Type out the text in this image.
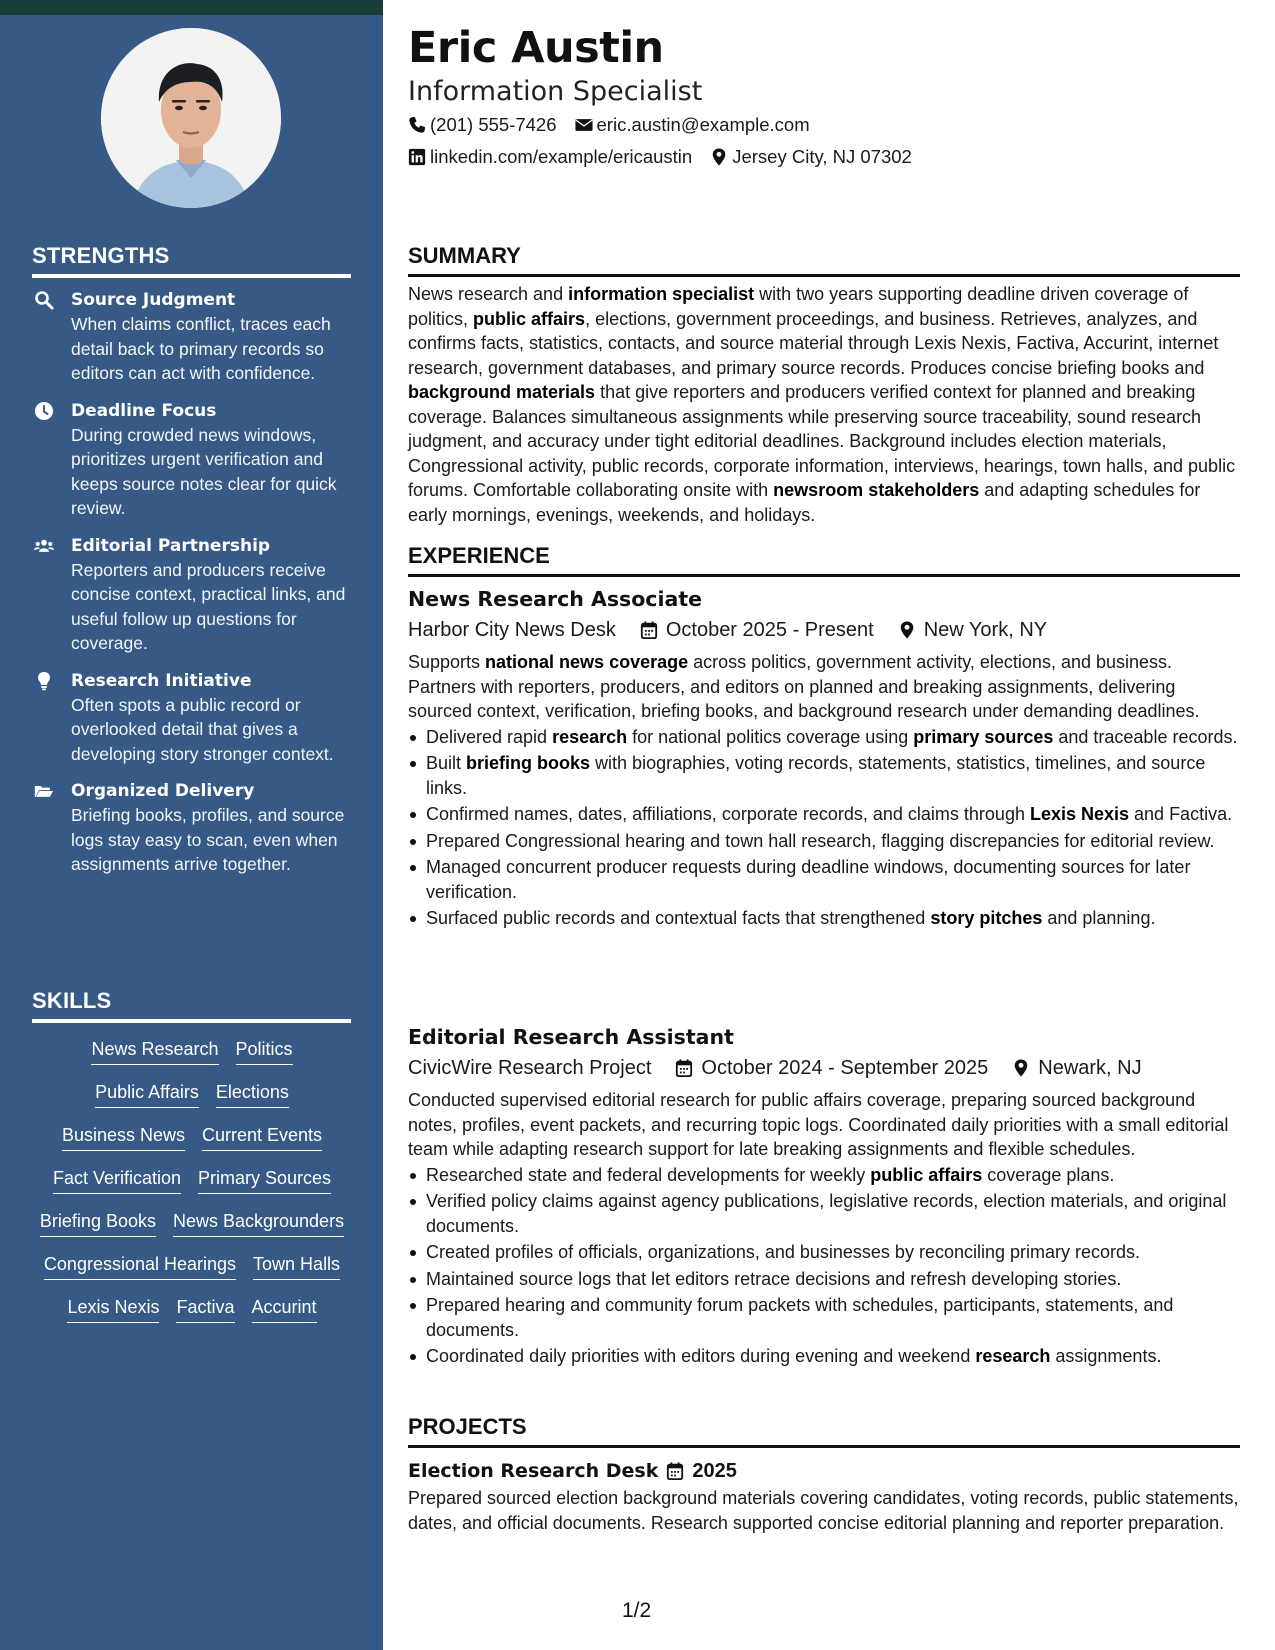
STRENGTHS
Source Judgment
When claims conflict, traces each detail back to primary records so editors can act with confidence.
Deadline Focus
During crowded news windows, prioritizes urgent verification and keeps source notes clear for quick review.
Editorial Partnership
Reporters and producers receive concise context, practical links, and useful follow up questions for coverage.
Research Initiative
Often spots a public record or overlooked detail that gives a developing story stronger context.
Organized Delivery
Briefing books, profiles, and source logs stay easy to scan, even when assignments arrive together.
SKILLS
News Research Politics
Public Affairs Elections
Business News Current Events
Fact Verification Primary Sources
Briefing Books News Backgrounders
Congressional Hearings Town Halls
Lexis Nexis Factiva Accurint
Eric Austin
Information Specialist
(201) 555-7426 eric.austin@example.com
linkedin.com/example/ericaustin Jersey City, NJ 07302
SUMMARY

News research and information specialist with two years supporting deadline driven coverage of politics, public affairs, elections, government proceedings, and business. Retrieves, analyzes, and confirms facts, statistics, contacts, and source material through Lexis Nexis, Factiva, Accurint, internet research, government databases, and primary source records. Produces concise briefing books and background materials that give reporters and producers verified context for planned and breaking coverage. Balances simultaneous assignments while preserving source traceability, sound research judgment, and accuracy under tight editorial deadlines. Background includes election materials, Congressional activity, public records, corporate information, interviews, hearings, town halls, and public forums. Comfortable collaborating onsite with newsroom stakeholders and adapting schedules for early mornings, evenings, weekends, and holidays.

EXPERIENCE
News Research Associate
Harbor City News Desk	October 2025 - Present	New York, NY

Supports national news coverage across politics, government activity, elections, and business. Partners with reporters, producers, and editors on planned and breaking assignments, delivering sourced context, verification, briefing books, and background research under demanding deadlines.

Delivered rapid research for national politics coverage using primary sources and traceable records.
Built briefing books with biographies, voting records, statements, statistics, timelines, and source links.
Confirmed names, dates, affiliations, corporate records, and claims through Lexis Nexis and Factiva.
Prepared Congressional hearing and town hall research, flagging discrepancies for editorial review.
Managed concurrent producer requests during deadline windows, documenting sources for later verification.
Surfaced public records and contextual facts that strengthened story pitches and planning.
Editorial Research Assistant
CivicWire Research Project	October 2024 - September 2025	Newark, NJ

Conducted supervised editorial research for public affairs coverage, preparing sourced background notes, profiles, event packets, and recurring topic logs. Coordinated daily priorities with a small editorial team while adapting research support for late breaking assignments and flexible schedules.

Researched state and federal developments for weekly public affairs coverage plans.
Verified policy claims against agency publications, legislative records, election materials, and original documents.
Created profiles of officials, organizations, and businesses by reconciling primary records.
Maintained source logs that let editors retrace decisions and refresh developing stories.
Prepared hearing and community forum packets with schedules, participants, statements, and documents.
Coordinated daily priorities with editors during evening and weekend research assignments.
PROJECTS
Election Research Desk 2025

Prepared sourced election background materials covering candidates, voting records, public statements, dates, and official documents. Research supported concise editorial planning and reporter preparation.

1/2
